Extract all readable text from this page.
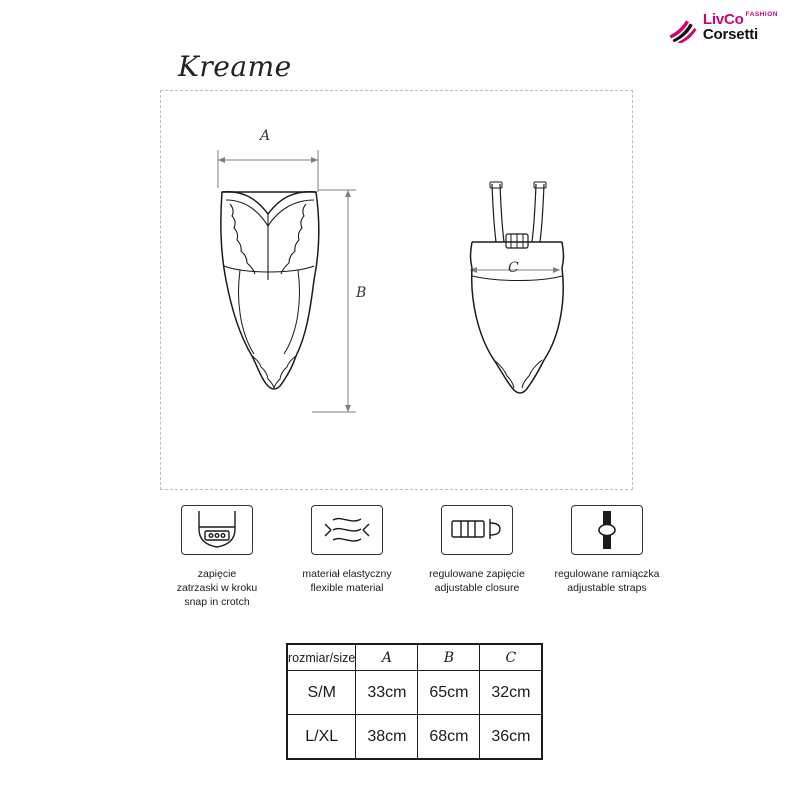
LivCo $^{FASHION}$
Corsetti
Kreame
A
B
C
zapięcie
zatrzaski w kroku
snap in crotch
materiał elastyczny
flexible material
regulowane zapięcie
adjustable closure
regulowane ramiączka
adjustable straps
rozmiar/size	A	B	C
S/M	33cm	65cm	32cm
L/XL	38cm	68cm	36cm
